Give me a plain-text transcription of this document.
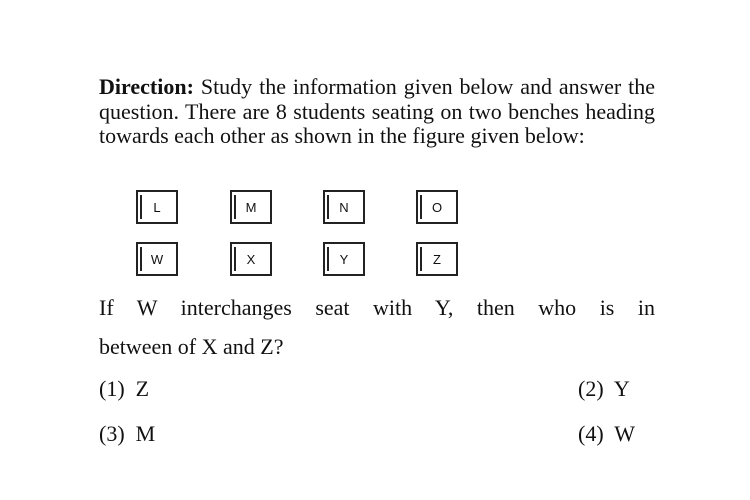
Direction: Study the information given below and answer the question. There are 8 students seating on two benches heading towards each other as shown in the figure given below:
L	M	N	O
W	X	Y	Z
If W interchanges seat with Y, then who is in
between of X and Z?
(1)  Z	(2)  Y
(3)  M	(4)  W
